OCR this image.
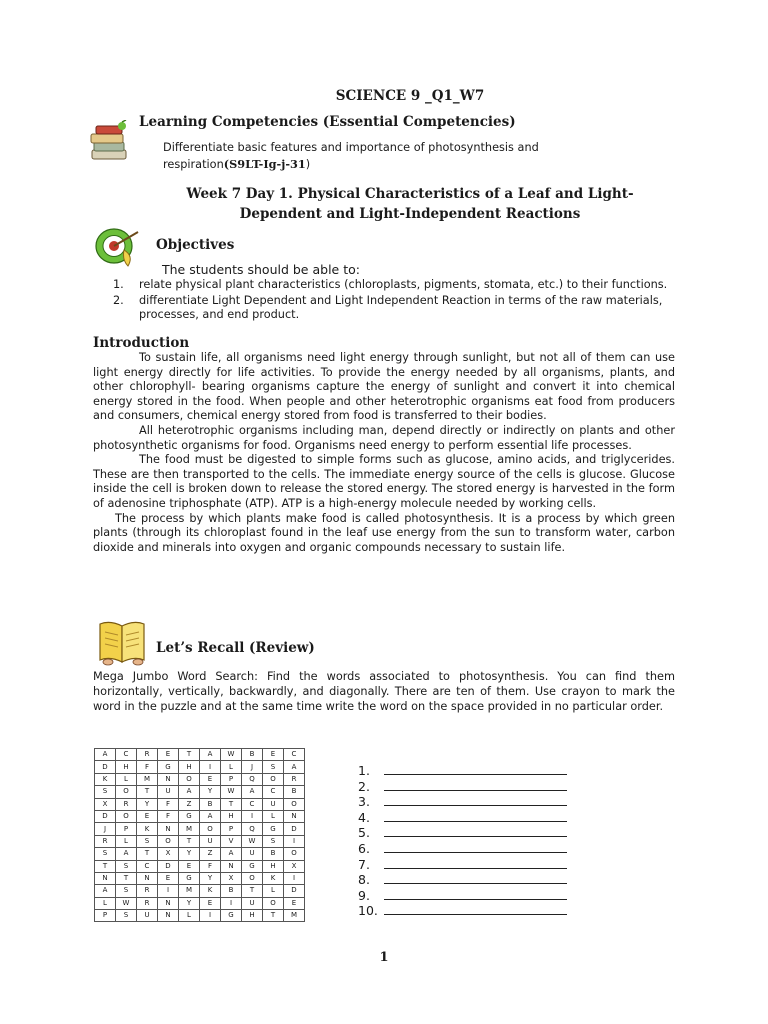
SCIENCE 9 _Q1_W7
Learning Competencies (Essential Competencies)
Differentiate basic features and importance of photosynthesis and respiration(S9LT-Ig-j-31)
Week 7 Day 1. Physical Characteristics of a Leaf and Light-
Dependent and Light-Independent Reactions
Objectives
The students should be able to:
1. relate physical plant characteristics (chloroplasts, pigments, stomata, etc.) to their functions.
2. differentiate Light Dependent and Light Independent Reaction in terms of the raw materials, processes, and end product.
Introduction

To sustain life, all organisms need light energy through sunlight, but not all of them can use light energy directly for life activities. To provide the energy needed by all organisms, plants, and other chlorophyll- bearing organisms capture the energy of sunlight and convert it into chemical energy stored in the food. When people and other heterotrophic organisms eat food from producers and consumers, chemical energy stored from food is transferred to their bodies.

All heterotrophic organisms including man, depend directly or indirectly on plants and other photosynthetic organisms for food. Organisms need energy to perform essential life processes.

The food must be digested to simple forms such as glucose, amino acids, and triglycerides. These are then transported to the cells. The immediate energy source of the cells is glucose. Glucose inside the cell is broken down to release the stored energy. The stored energy is harvested in the form of adenosine triphosphate (ATP). ATP is a high-energy molecule needed by working cells.

The process by which plants make food is called photosynthesis. It is a process by which green plants (through its chloroplast found in the leaf use energy from the sun to transform water, carbon dioxide and minerals into oxygen and organic compounds necessary to sustain life.

Let’s Recall (Review)
Mega Jumbo Word Search: Find the words associated to photosynthesis. You can find them horizontally, vertically, backwardly, and diagonally. There are ten of them. Use crayon to mark the word in the puzzle and at the same time write the word on the space provided in no particular order.
A	C	R	E	T	A	W	B	E	C
D	H	F	G	H	I	L	J	S	A
K	L	M	N	O	E	P	Q	O	R
S	O	T	U	A	Y	W	A	C	B
X	R	Y	F	Z	B	T	C	U	O
D	O	E	F	G	A	H	I	L	N
J	P	K	N	M	O	P	Q	G	D
R	L	S	O	T	U	V	W	S	I
S	A	T	X	Y	Z	A	U	B	O
T	S	C	D	E	F	N	G	H	X
N	T	N	E	G	Y	X	O	K	I
A	S	R	I	M	K	B	T	L	D
L	W	R	N	Y	E	I	U	O	E
P	S	U	N	L	I	G	H	T	M
1.
2.
3.
4.
5.
6.
7.
8.
9.
10.
1
